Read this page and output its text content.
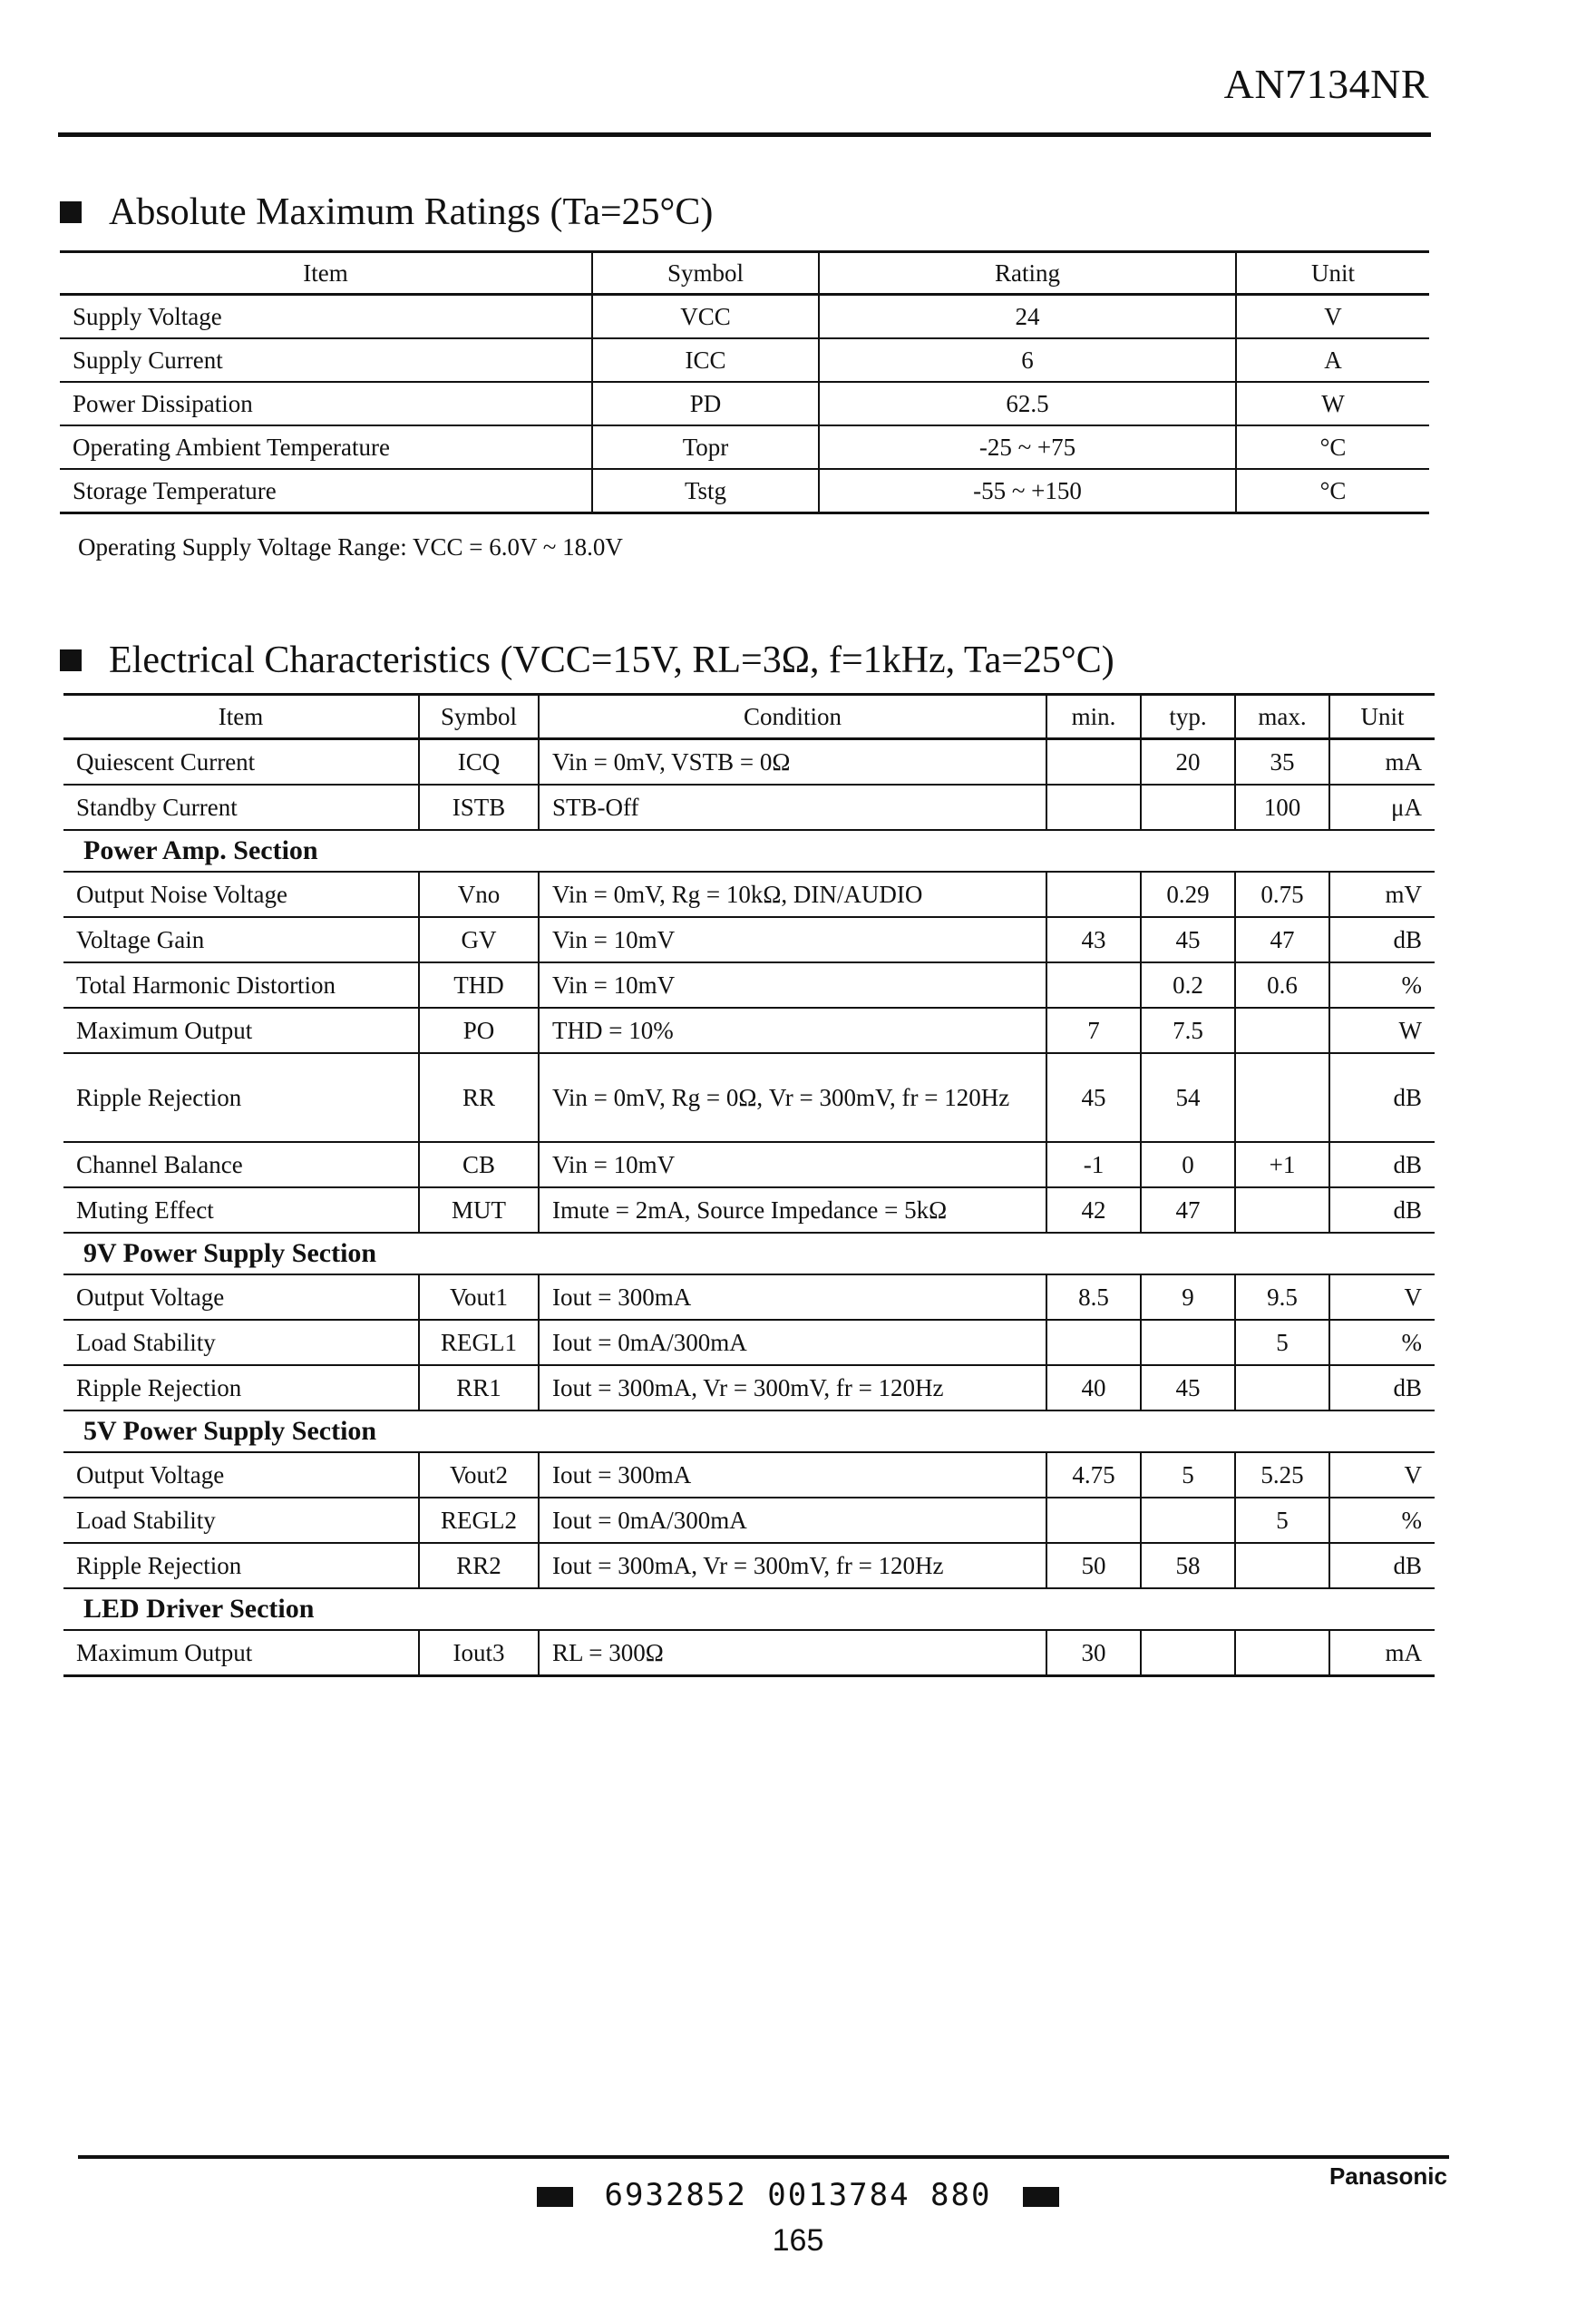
AN7134NR
Absolute Maximum Ratings (Ta=25°C)
Item	Symbol	Rating	Unit
Supply Voltage	VCC	24	V
Supply Current	ICC	6	A
Power Dissipation	PD	62.5	W
Operating Ambient Temperature	Topr	-25 ~ +75	°C
Storage Temperature	Tstg	-55 ~ +150	°C
Operating Supply Voltage Range: VCC = 6.0V ~ 18.0V
Electrical Characteristics (VCC=15V, RL=3Ω, f=1kHz, Ta=25°C)
Item	Symbol	Condition	min.	typ.	max.	Unit
Quiescent Current	ICQ	Vin = 0mV, VSTB = 0Ω		20	35	mA
Standby Current	ISTB	STB-Off			100	μA
Power Amp. Section						
Output Noise Voltage	Vno	Vin = 0mV, Rg = 10kΩ, DIN/AUDIO		0.29	0.75	mV
Voltage Gain	GV	Vin = 10mV	43	45	47	dB
Total Harmonic Distortion	THD	Vin = 10mV		0.2	0.6	%
Maximum Output	PO	THD = 10%	7	7.5		W
Ripple Rejection	RR	Vin = 0mV, Rg = 0Ω, Vr = 300mV, fr = 120Hz	45	54		dB
Channel Balance	CB	Vin = 10mV	-1	0	+1	dB
Muting Effect	MUT	Imute = 2mA, Source Impedance = 5kΩ	42	47		dB
9V Power Supply Section						
Output Voltage	Vout1	Iout = 300mA	8.5	9	9.5	V
Load Stability	REGL1	Iout = 0mA/300mA			5	%
Ripple Rejection	RR1	Iout = 300mA, Vr = 300mV, fr = 120Hz	40	45		dB
5V Power Supply Section						
Output Voltage	Vout2	Iout = 300mA	4.75	5	5.25	V
Load Stability	REGL2	Iout = 0mA/300mA			5	%
Ripple Rejection	RR2	Iout = 300mA, Vr = 300mV, fr = 120Hz	50	58		dB
LED Driver Section						
Maximum Output	Iout3	RL = 300Ω	30			mA
6932852 0013784 880
Panasonic
165
